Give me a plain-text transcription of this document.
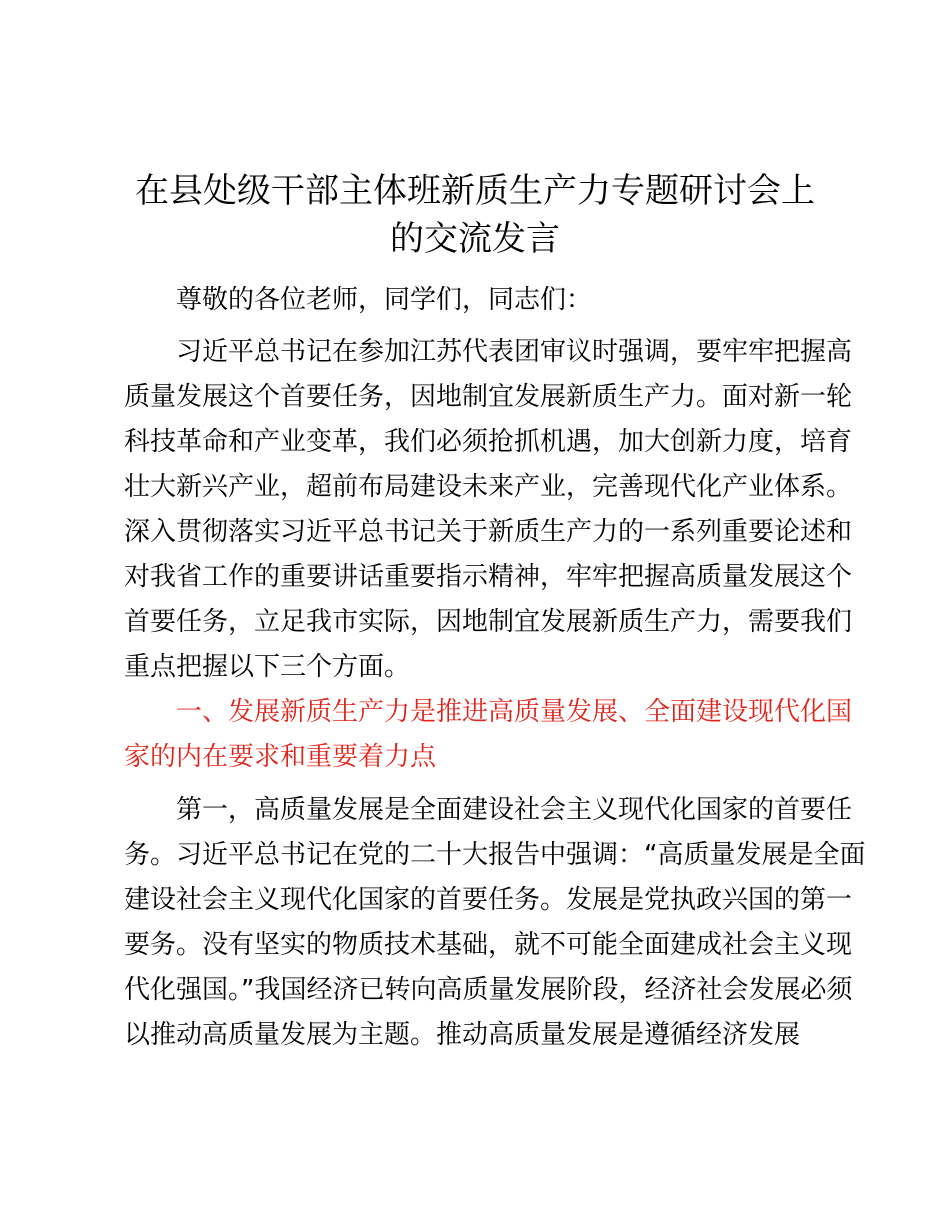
在县处级干部主体班新质生产力专题研讨会上
的交流发言

尊敬的各位老师，同学们，同志们：

习近平总书记在参加江苏代表团审议时强调，要牢牢把握高

质量发展这个首要任务，因地制宜发展新质生产力。面对新一轮

科技革命和产业变革，我们必须抢抓机遇，加大创新力度，培育

壮大新兴产业，超前布局建设未来产业，完善现代化产业体系。

深入贯彻落实习近平总书记关于新质生产力的一系列重要论述和

对我省工作的重要讲话重要指示精神，牢牢把握高质量发展这个

首要任务，立足我市实际，因地制宜发展新质生产力，需要我们

重点把握以下三个方面。

一、发展新质生产力是推进高质量发展、全面建设现代化国

家的内在要求和重要着力点

第一，高质量发展是全面建设社会主义现代化国家的首要任

务。习近平总书记在党的二十大报告中强调：“高质量发展是全面

建设社会主义现代化国家的首要任务。发展是党执政兴国的第一

要务。没有坚实的物质技术基础，就不可能全面建成社会主义现

代化强国。”我国经济已转向高质量发展阶段，经济社会发展必须

以推动高质量发展为主题。推动高质量发展是遵循经济发展
